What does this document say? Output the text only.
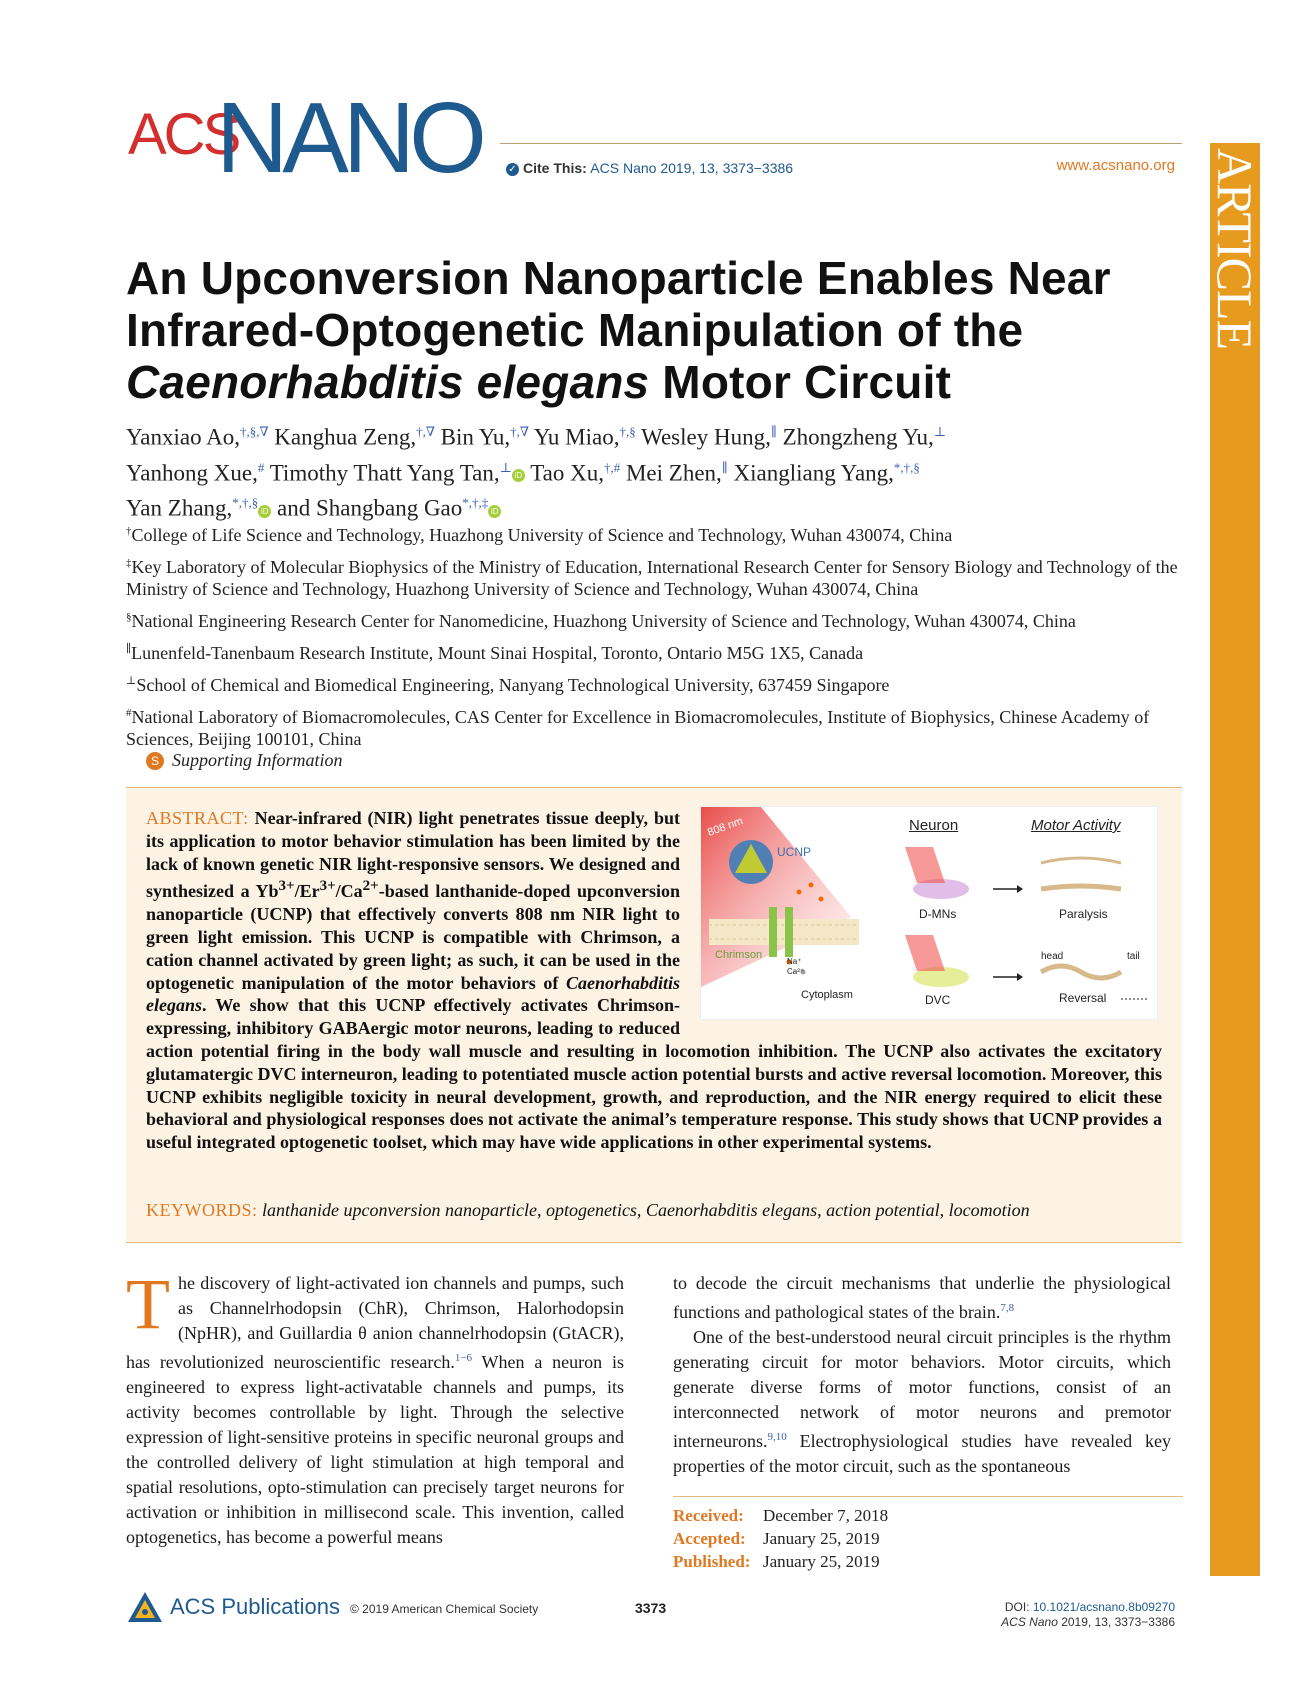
ACS
NANO	✓ Cite This: ACS Nano 2019, 13, 3373−3386	www.acsnano.org ARTICLE
An Upconversion Nanoparticle Enables Near
Infrared-Optogenetic Manipulation of the
Caenorhabditis elegans Motor Circuit
Yanxiao Ao,†,§,∇ Kanghua Zeng,†,∇ Bin Yu,†,∇ Yu Miao,†,§ Wesley Hung,∥ Zhongzheng Yu,⊥
Yanhong Xue,# Timothy Thatt Yang Tan,⊥iD Tao Xu,†,# Mei Zhen,∥ Xiangliang Yang,*,†,§
Yan Zhang,*,†,§iD and Shangbang Gao*,†,‡iD
†College of Life Science and Technology, Huazhong University of Science and Technology, Wuhan 430074, China
‡Key Laboratory of Molecular Biophysics of the Ministry of Education, International Research Center for Sensory Biology and Technology of the Ministry of Science and Technology, Huazhong University of Science and Technology, Wuhan 430074, China
§National Engineering Research Center for Nanomedicine, Huazhong University of Science and Technology, Wuhan 430074, China
∥Lunenfeld-Tanenbaum Research Institute, Mount Sinai Hospital, Toronto, Ontario M5G 1X5, Canada
⊥School of Chemical and Biomedical Engineering, Nanyang Technological University, 637459 Singapore
#National Laboratory of Biomacromolecules, CAS Center for Excellence in Biomacromolecules, Institute of Biophysics, Chinese Academy of Sciences, Beijing 100101, China
S Supporting Information
ABSTRACT: Near-infrared (NIR) light penetrates tissue deeply, but its application to motor behavior stimulation has been limited by the lack of known genetic NIR light-responsive sensors. We designed and synthesized a $Yb^{3+}/Er^{3+}/Ca^{2+}$-based lanthanide-doped upconversion nanoparticle (UCNP) that effectively converts 808 nm NIR light to green light emission. This UCNP is compatible with Chrimson, a cation channel activated by green light; as such, it can be used in the optogenetic manipulation of the motor behaviors of Caenorhabditis elegans. We show that this UCNP effectively activates Chrimson-expressing, inhibitory GABAergic motor neurons, leading to reduced action potential firing in the body wall muscle and resulting in locomotion inhibition. The UCNP also activates the excitatory glutamatergic DVC interneuron, leading to potentiated muscle action potential bursts and active reversal locomotion. Moreover, this UCNP exhibits negligible toxicity in neural development, growth, and reproduction, and the NIR energy required to elicit these behavioral and physiological responses does not activate the animal’s temperature response. This study shows that UCNP provides a useful integrated optogenetic toolset, which may have wide applications in other experimental systems.
808 nm
UCNP
Chrimson
Na⁺
Ca²⁺
Cytoplasm
Neuron	Motor Activity
D-MNs	Paralysis
DVC
head	tail
Reversal
KEYWORDS: lanthanide upconversion nanoparticle, optogenetics, Caenorhabditis elegans, action potential, locomotion
The discovery of light-activated ion channels and pumps, such as Channelrhodopsin (ChR), Chrimson, Halorhodopsin (NpHR), and Guillardia θ anion channelrhodopsin (GtACR), has revolutionized neuroscientific research.$^{1-6}$ When a neuron is engineered to express light-activatable channels and pumps, its activity becomes controllable by light. Through the selective expression of light-sensitive proteins in specific neuronal groups and the controlled delivery of light stimulation at high temporal and spatial resolutions, opto-stimulation can precisely target neurons for activation or inhibition in millisecond scale. This invention, called optogenetics, has become a powerful means
to decode the circuit mechanisms that underlie the physiological functions and pathological states of the brain.$^{7,8}$
One of the best-understood neural circuit principles is the rhythm generating circuit for motor behaviors. Motor circuits, which generate diverse forms of motor functions, consist of an interconnected network of motor neurons and premotor interneurons.$^{9,10}$ Electrophysiological studies have revealed key properties of the motor circuit, such as the spontaneous
Received: December 7, 2018
Accepted: January 25, 2019
Published: January 25, 2019
ACS Publications © 2019 American Chemical Society	3373	DOI: 10.1021/acsnano.8b09270
ACS Nano 2019, 13, 3373−3386
